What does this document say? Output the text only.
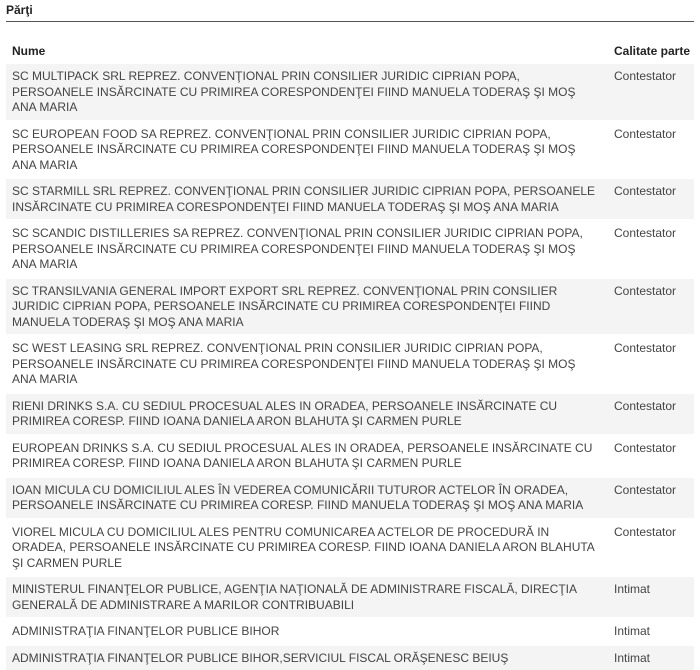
Părţi
Nume	Calitate parte
SC MULTIPACK SRL REPREZ. CONVENŢIONAL PRIN CONSILIER JURIDIC CIPRIAN POPA, PERSOANELE INSĂRCINATE CU PRIMIREA CORESPONDENŢEI FIIND MANUELA TODERAŞ ŞI MOŞ ANA MARIA	Contestator

SC EUROPEAN FOOD SA REPREZ. CONVENŢIONAL PRIN CONSILIER JURIDIC CIPRIAN POPA, PERSOANELE INSĂRCINATE CU PRIMIREA CORESPONDENŢEI FIIND MANUELA TODERAŞ ŞI MOŞ ANA MARIA	Contestator

SC STARMILL SRL REPREZ. CONVENŢIONAL PRIN CONSILIER JURIDIC CIPRIAN POPA, PERSOANELE INSĂRCINATE CU PRIMIREA CORESPONDENŢEI FIIND MANUELA TODERAŞ ŞI MOŞ ANA MARIA	Contestator

SC SCANDIC DISTILLERIES SA REPREZ. CONVENŢIONAL PRIN CONSILIER JURIDIC CIPRIAN POPA, PERSOANELE INSĂRCINATE CU PRIMIREA CORESPONDENŢEI FIIND MANUELA TODERAŞ ŞI MOŞ ANA MARIA	Contestator

SC TRANSILVANIA GENERAL IMPORT EXPORT SRL REPREZ. CONVENŢIONAL PRIN CONSILIER JURIDIC CIPRIAN POPA, PERSOANELE INSĂRCINATE CU PRIMIREA CORESPONDENŢEI FIIND MANUELA TODERAŞ ŞI MOŞ ANA MARIA	Contestator

SC WEST LEASING SRL REPREZ. CONVENŢIONAL PRIN CONSILIER JURIDIC CIPRIAN POPA, PERSOANELE INSĂRCINATE CU PRIMIREA CORESPONDENŢEI FIIND MANUELA TODERAŞ ŞI MOŞ ANA MARIA	Contestator

RIENI DRINKS S.A. CU SEDIUL PROCESUAL ALES IN ORADEA, PERSOANELE INSĂRCINATE CU PRIMIREA CORESP. FIIND IOANA DANIELA ARON BLAHUTA ŞI CARMEN PURLE	Contestator

EUROPEAN DRINKS S.A. CU SEDIUL PROCESUAL ALES IN ORADEA, PERSOANELE INSĂRCINATE CU PRIMIREA CORESP. FIIND IOANA DANIELA ARON BLAHUTA ŞI CARMEN PURLE	Contestator

IOAN MICULA CU DOMICILIUL ALES ÎN VEDEREA COMUNICĂRII TUTUROR ACTELOR ÎN ORADEA, PERSOANELE INSĂRCINATE CU PRIMIREA CORESP. FIIND MANUELA TODERAŞ ŞI MOŞ ANA MARIA	Contestator

VIOREL MICULA CU DOMICILIUL ALES PENTRU COMUNICAREA ACTELOR DE PROCEDURĂ IN ORADEA, PERSOANELE INSĂRCINATE CU PRIMIREA CORESP. FIIND IOANA DANIELA ARON BLAHUTA ŞI CARMEN PURLE	Contestator

MINISTERUL FINANŢELOR PUBLICE, AGENŢIA NAŢIONALĂ DE ADMINISTRARE FISCALĂ, DIRECŢIA GENERALĂ DE ADMINISTRARE A MARILOR CONTRIBUABILI	Intimat

ADMINISTRAŢIA FINANŢELOR PUBLICE BIHOR	Intimat

ADMINISTRAŢIA FINANŢELOR PUBLICE BIHOR,SERVICIUL FISCAL ORĂŞENESC BEIUŞ	Intimat
